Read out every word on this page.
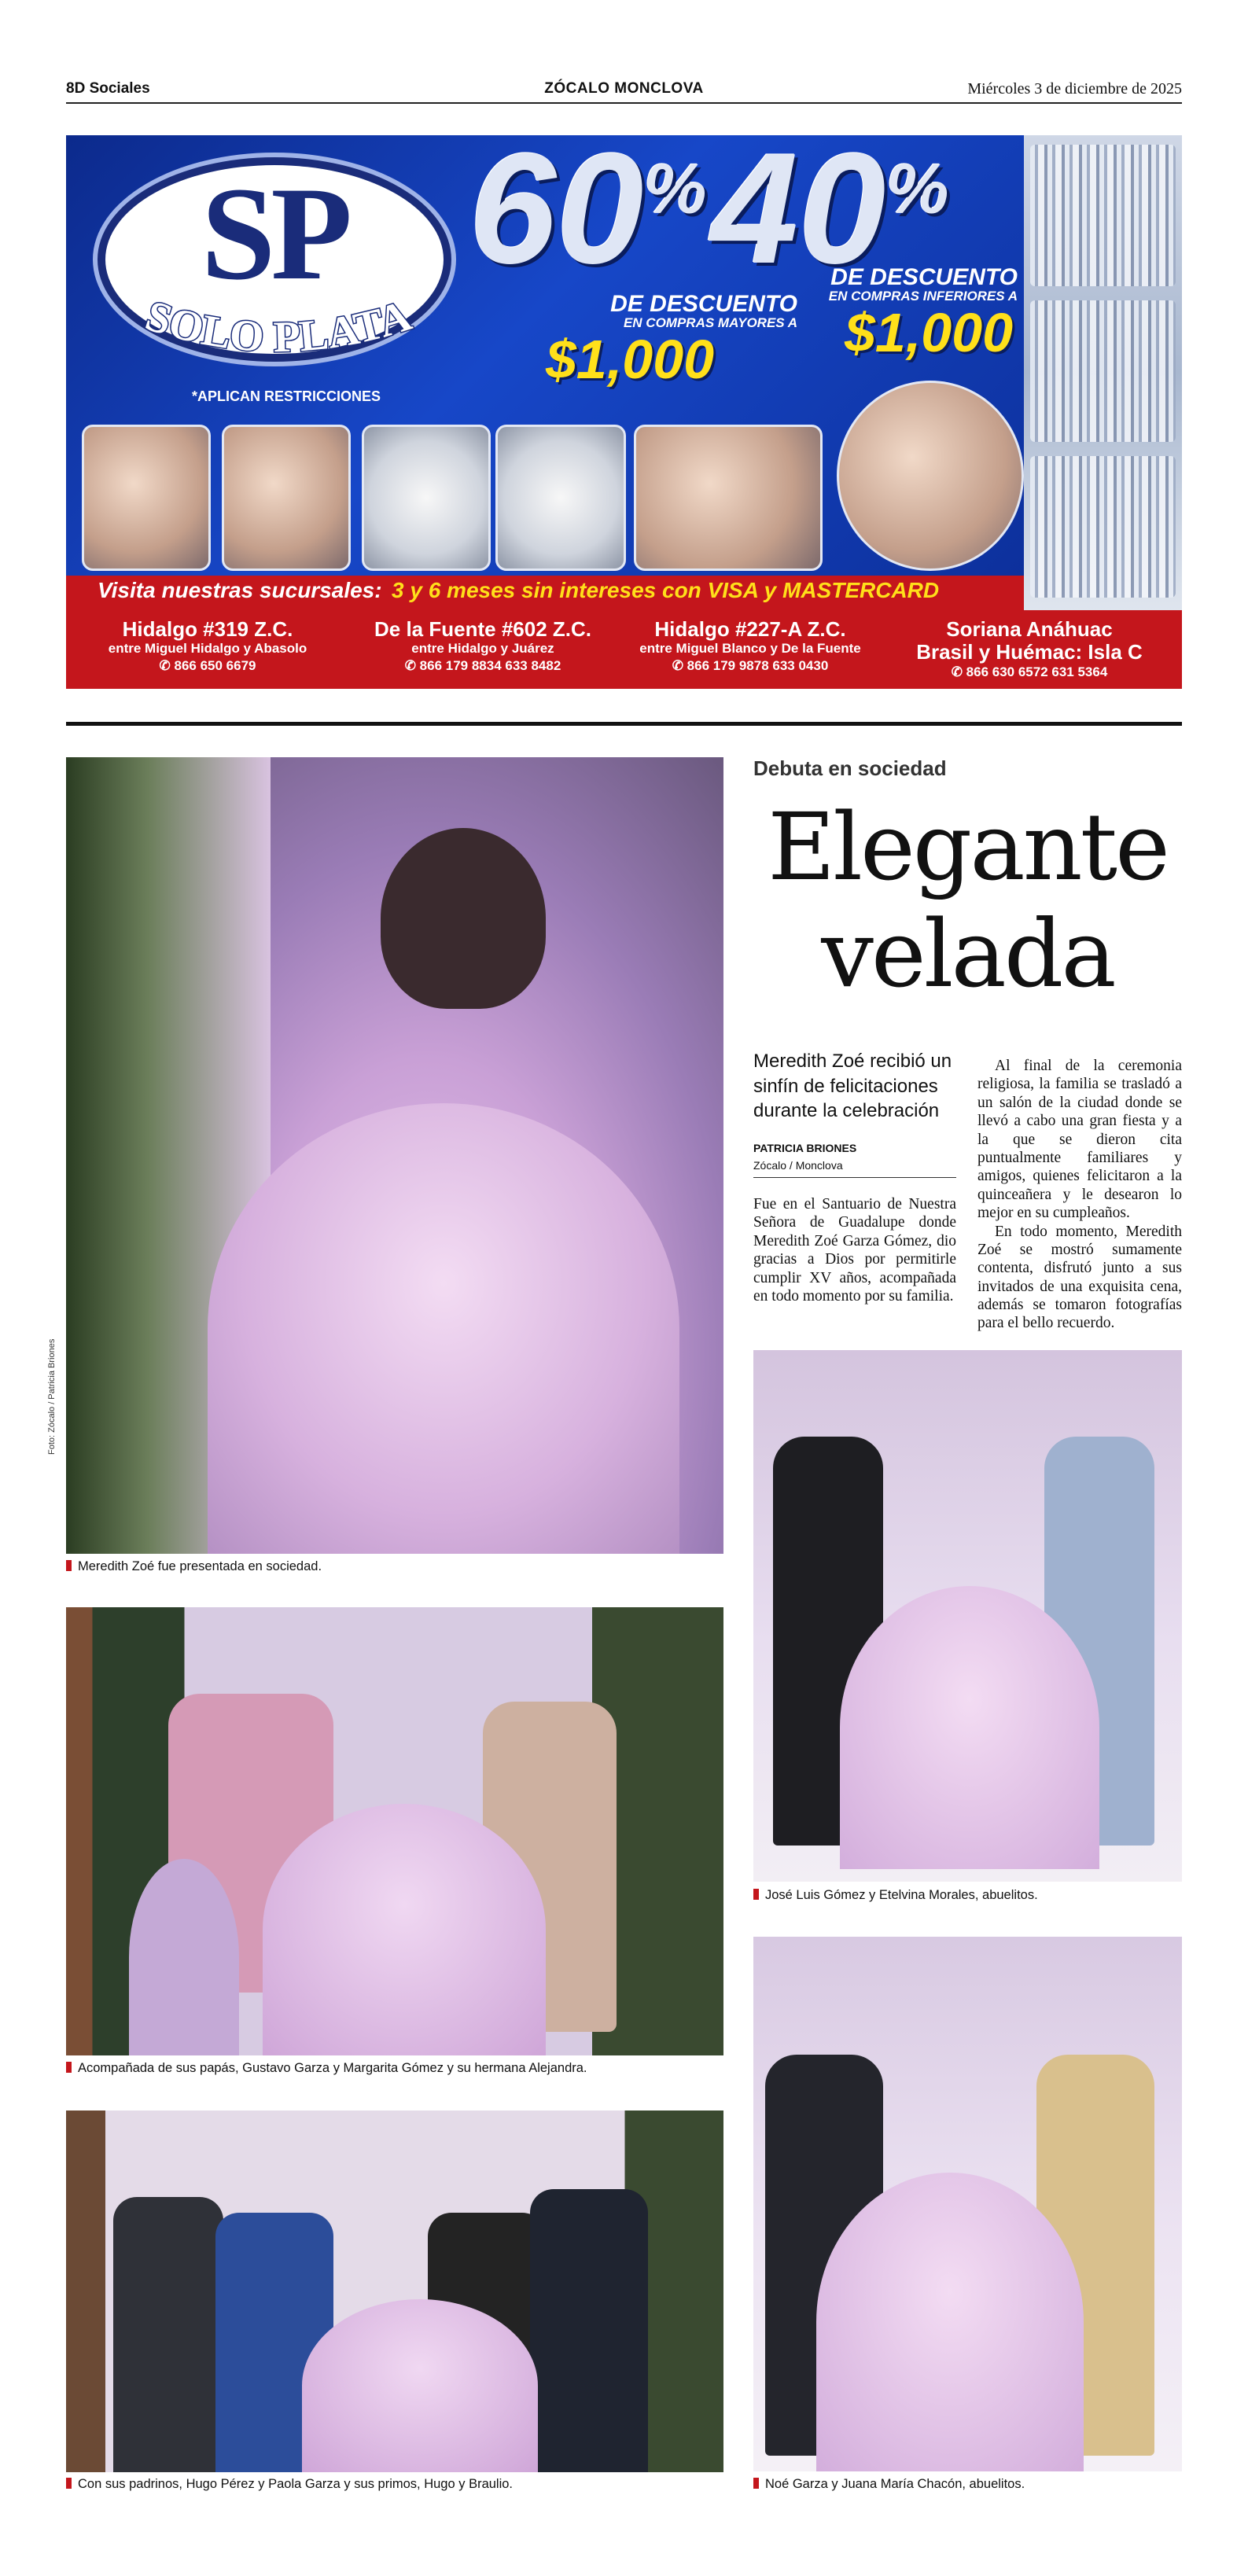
8D Sociales	ZÓCALO MONCLOVA	Miércoles 3 de diciembre de 2025
SP
SOLO PLATA
*APLICAN RESTRICCIONES
60%
DE DESCUENTO
EN COMPRAS MAYORES A
$1,000
40%
DE DESCUENTO
EN COMPRAS INFERIORES A
$1,000
Visita nuestras sucursales: 3 y 6 meses sin intereses con VISA y MASTERCARD
Hidalgo #319 Z.C.
entre Miguel Hidalgo y Abasolo
✆ 866 650 6679
De la Fuente #602 Z.C.
entre Hidalgo y Juárez
✆ 866 179 8834 633 8482
Hidalgo #227-A Z.C.
entre Miguel Blanco y De la Fuente
✆ 866 179 9878 633 0430
Soriana Anáhuac
Brasil y Huémac: Isla C
✆ 866 630 6572 631 5364
Foto: Zócalo / Patricia Briones
Meredith Zoé fue presentada en sociedad.
Acompañada de sus papás, Gustavo Garza y Margarita Gómez y su hermana Alejandra.
Con sus padrinos, Hugo Pérez y Paola Garza y sus primos, Hugo y Braulio.
Debuta en sociedad
Elegante
velada
Meredith Zoé recibió un sinfín de felicitaciones durante la celebración
PATRICIA BRIONES
Zócalo / Monclova
Fue en el Santuario de Nuestra Señora de Guadalupe donde Meredith Zoé Garza Gómez, dio gracias a Dios por permitirle cumplir XV años, acompañada en todo momento por su familia.

Al final de la ceremonia religiosa, la familia se trasladó a un salón de la ciudad donde se llevó a cabo una gran fiesta y a la que se dieron cita puntualmente familiares y amigos, quienes felicitaron a la quinceañera y le desearon lo mejor en su cumpleaños.

En todo momento, Meredith Zoé se mostró sumamente contenta, disfrutó junto a sus invitados de una exquisita cena, además se tomaron fotografías para el bello recuerdo.

José Luis Gómez y Etelvina Morales, abuelitos.
Noé Garza y Juana María Chacón, abuelitos.
